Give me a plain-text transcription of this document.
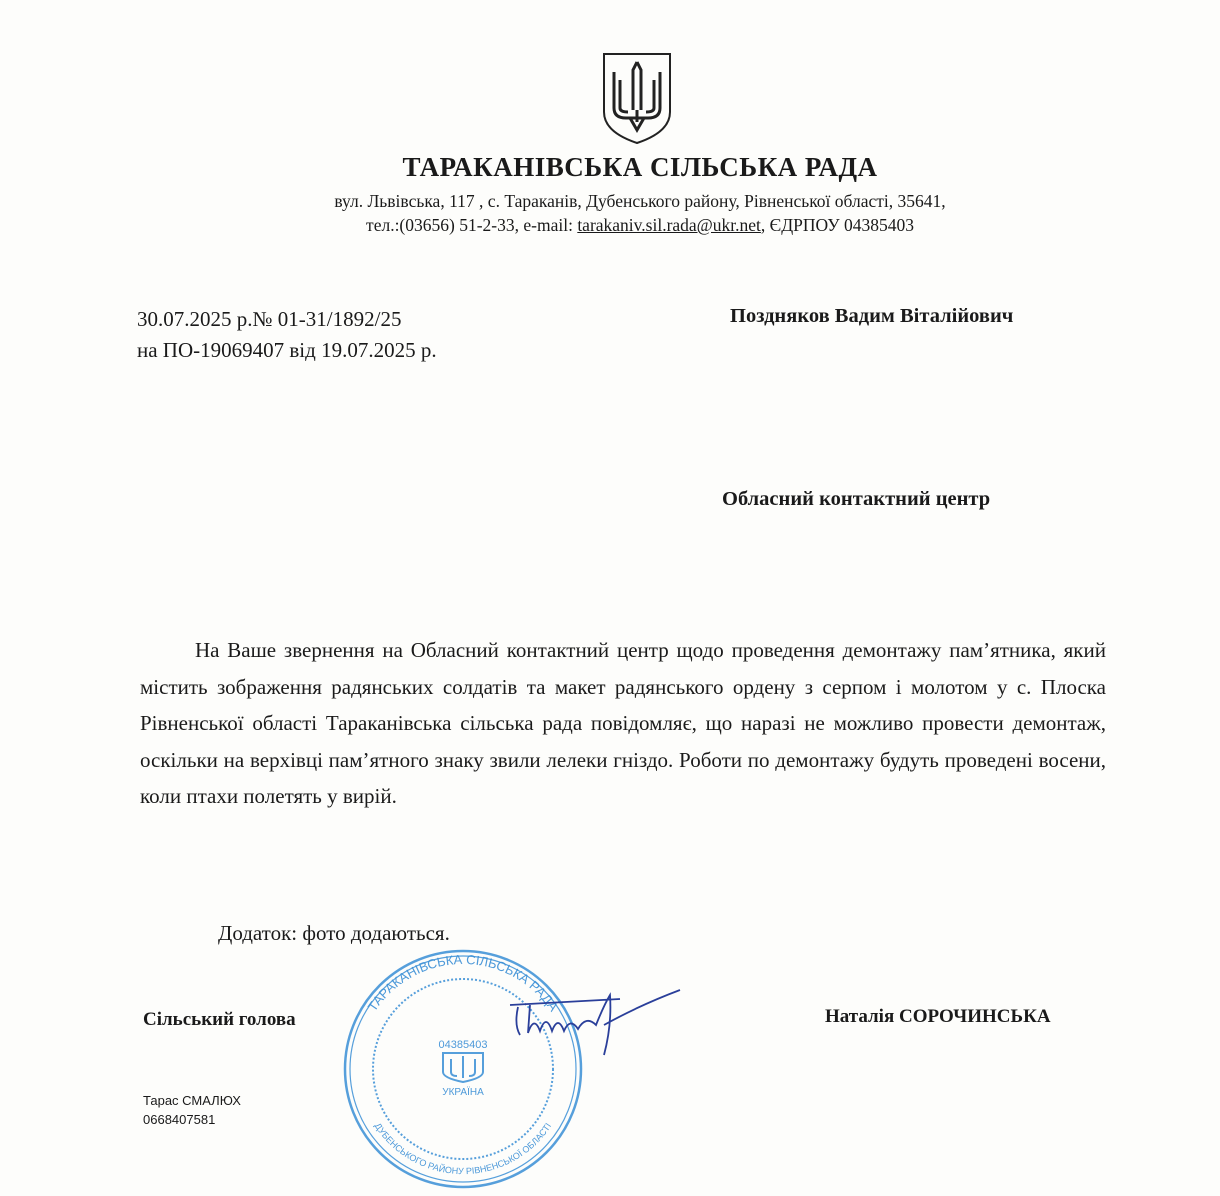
ТАРАКАНІВСЬКА СІЛЬСЬКА РАДА
вул. Львівська, 117 , с. Тараканів, Дубенського району, Рівненської області, 35641,
тел.:(03656) 51-2-33, e-mail: tarakaniv.sil.rada@ukr.net, ЄДРПОУ 04385403
30.07.2025 р.№ 01-31/1892/25
на ПО-19069407 від 19.07.2025 р.
Поздняков Вадим Віталійович
Обласний контактний центр
На Ваше звернення на Обласний контактний центр щодо проведення демонтажу пам’ятника, який містить зображення радянських солдатів та макет радянського ордену з серпом і молотом у с. Плоска Рівненської області Тараканівська сільська рада повідомляє, що наразі не можливо провести демонтаж, оскільки на верхівці пам’ятного знаку звили лелеки гніздо. Роботи по демонтажу будуть проведені восени, коли птахи полетять у вирій.
Додаток: фото додаються.
Сільський голова	Наталія СОРОЧИНСЬКА
ТАРАКАНІВСЬКА СІЛЬСЬКА РАДА
04385403
УКРАЇНА
ДУБЕНСЬКОГО РАЙОНУ РІВНЕНСЬКОЇ ОБЛАСТІ
Тарас СМАЛЮХ
0668407581
